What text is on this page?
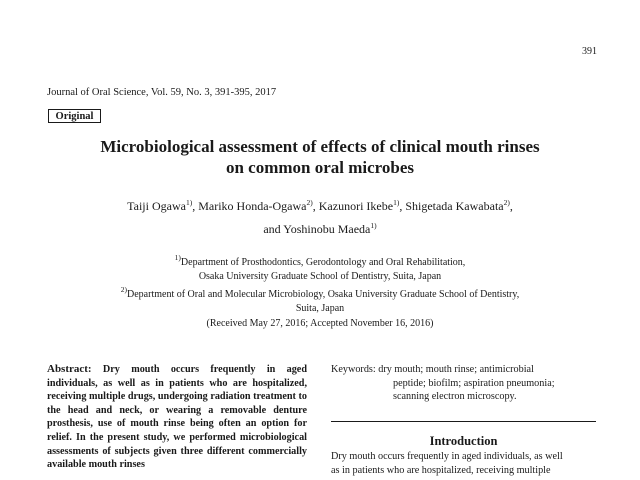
391
Journal of Oral Science, Vol. 59, No. 3, 391-395, 2017
Original
Microbiological assessment of effects of clinical mouth rinses
on common oral microbes
Taiji Ogawa$^{1)}$, Mariko Honda-Ogawa$^{2)}$, Kazunori Ikebe$^{1)}$, Shigetada Kawabata$^{2)}$,
and Yoshinobu Maeda$^{1)}$
$^{1)}$Department of Prosthodontics, Gerodontology and Oral Rehabilitation,
Osaka University Graduate School of Dentistry, Suita, Japan
$^{2)}$Department of Oral and Molecular Microbiology, Osaka University Graduate School of Dentistry,
Suita, Japan
(Received May 27, 2016; Accepted November 16, 2016)
Abstract: Dry mouth occurs frequently in aged individuals, as well as in patients who are hospitalized, receiving multiple drugs, undergoing radiation treatment to the head and neck, or wearing a removable denture prosthesis, use of mouth rinse being often an option for relief. In the present study, we performed microbiological assessments of subjects given three different commercially available mouth rinses
Keywords: dry mouth; mouth rinse; antimicrobial
peptide; biofilm; aspiration pneumonia;
scanning electron microscopy.
Introduction
Dry mouth occurs frequently in aged individuals, as well
as in patients who are hospitalized, receiving multiple
